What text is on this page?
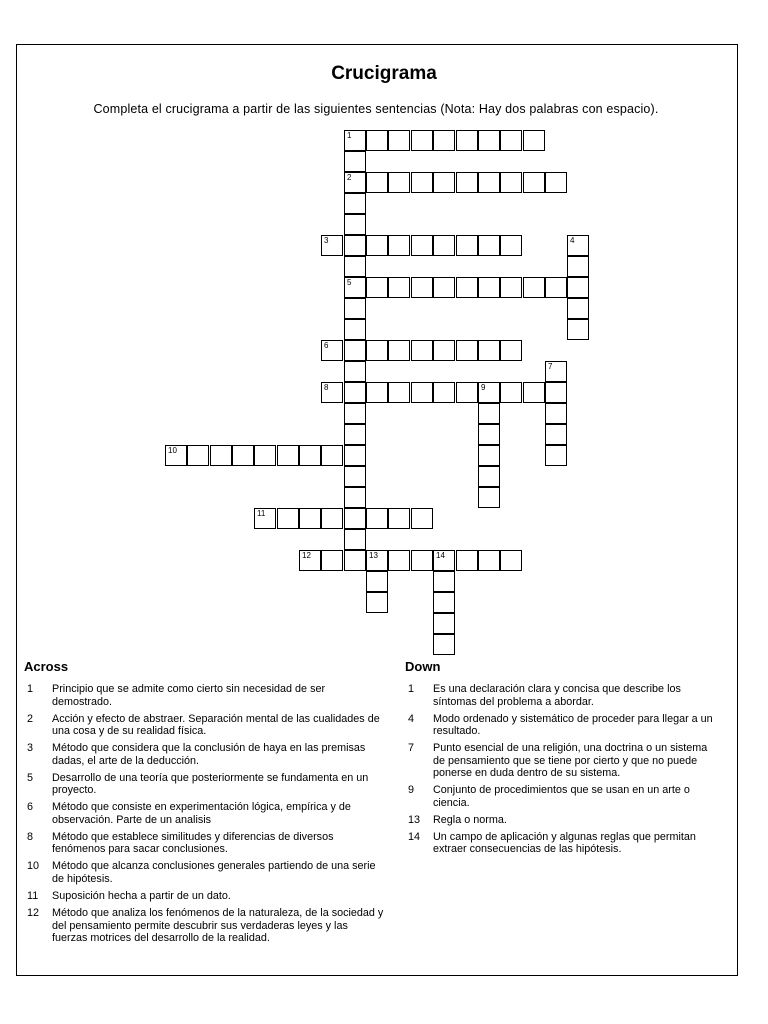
Crucigrama
Completa el crucigrama a partir de las siguientes sentencias (Nota: Hay dos palabras con espacio).
1
2
3	4
5
6
7
8	9
10
11
12	13	14
Across	Down
1	Principio que se admite como cierto sin necesidad de ser demostrado.
2	Acción y efecto de abstraer. Separación mental de las cualidades de una cosa y de su realidad física.
3	Método que considera que la conclusión de haya en las premisas dadas, el arte de la deducción.
5	Desarrollo de una teoría que posteriormente se fundamenta en un proyecto.
6	Método que consiste en experimentación lógica, empírica y de observación. Parte de un analisis
8	Método que establece similitudes y diferencias de diversos fenómenos para sacar conclusiones.
10	Método que alcanza conclusiones generales partiendo de una serie de hipótesis.
11	Suposición hecha a partir de un dato.
12	Método que analiza los fenómenos de la naturaleza, de la sociedad y del pensamiento permite descubrir sus verdaderas leyes y las fuerzas motrices del desarrollo de la realidad.
1	Es una declaración clara y concisa que describe los síntomas del problema a abordar.
4	Modo ordenado y sistemático de proceder para llegar a un resultado.
7	Punto esencial de una religión, una doctrina o un sistema de pensamiento que se tiene por cierto y que no puede ponerse en duda dentro de su sistema.
9	Conjunto de procedimientos que se usan en un arte o ciencia.
13	Regla o norma.
14	Un campo de aplicación y algunas reglas que permitan extraer consecuencias de las hipótesis.
